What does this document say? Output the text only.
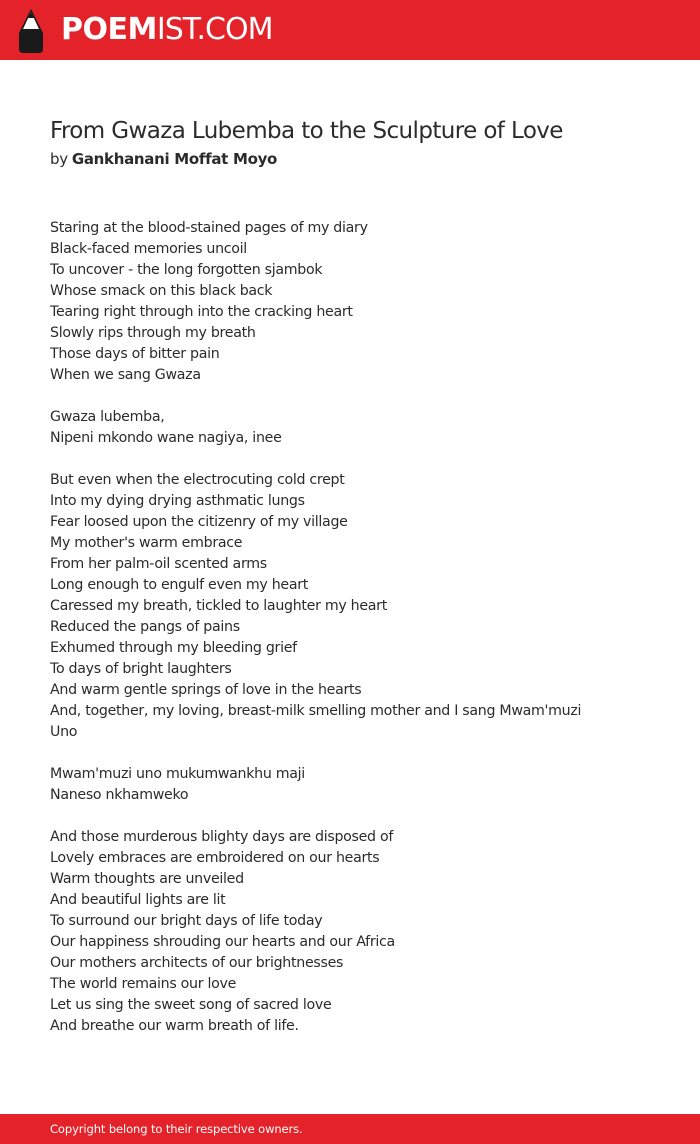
POEMIST.COM
From Gwaza Lubemba to the Sculpture of Love
by Gankhanani Moffat Moyo
Staring at the blood-stained pages of my diary
Black-faced memories uncoil
To uncover - the long forgotten sjambok
Whose smack on this black back
Tearing right through into the cracking heart
Slowly rips through my breath
Those days of bitter pain
When we sang Gwaza
Gwaza lubemba,
Nipeni mkondo wane nagiya, inee
But even when the electrocuting cold crept
Into my dying drying asthmatic lungs
Fear loosed upon the citizenry of my village
My mother's warm embrace
From her palm-oil scented arms
Long enough to engulf even my heart
Caressed my breath, tickled to laughter my heart
Reduced the pangs of pains
Exhumed through my bleeding grief
To days of bright laughters
And warm gentle springs of love in the hearts
And, together, my loving, breast-milk smelling mother and I sang Mwam'muzi
Uno
Mwam'muzi uno mukumwankhu maji
Naneso nkhamweko
And those murderous blighty days are disposed of
Lovely embraces are embroidered on our hearts
Warm thoughts are unveiled
And beautiful lights are lit
To surround our bright days of life today
Our happiness shrouding our hearts and our Africa
Our mothers architects of our brightnesses
The world remains our love
Let us sing the sweet song of sacred love
And breathe our warm breath of life.
Copyright belong to their respective owners.
